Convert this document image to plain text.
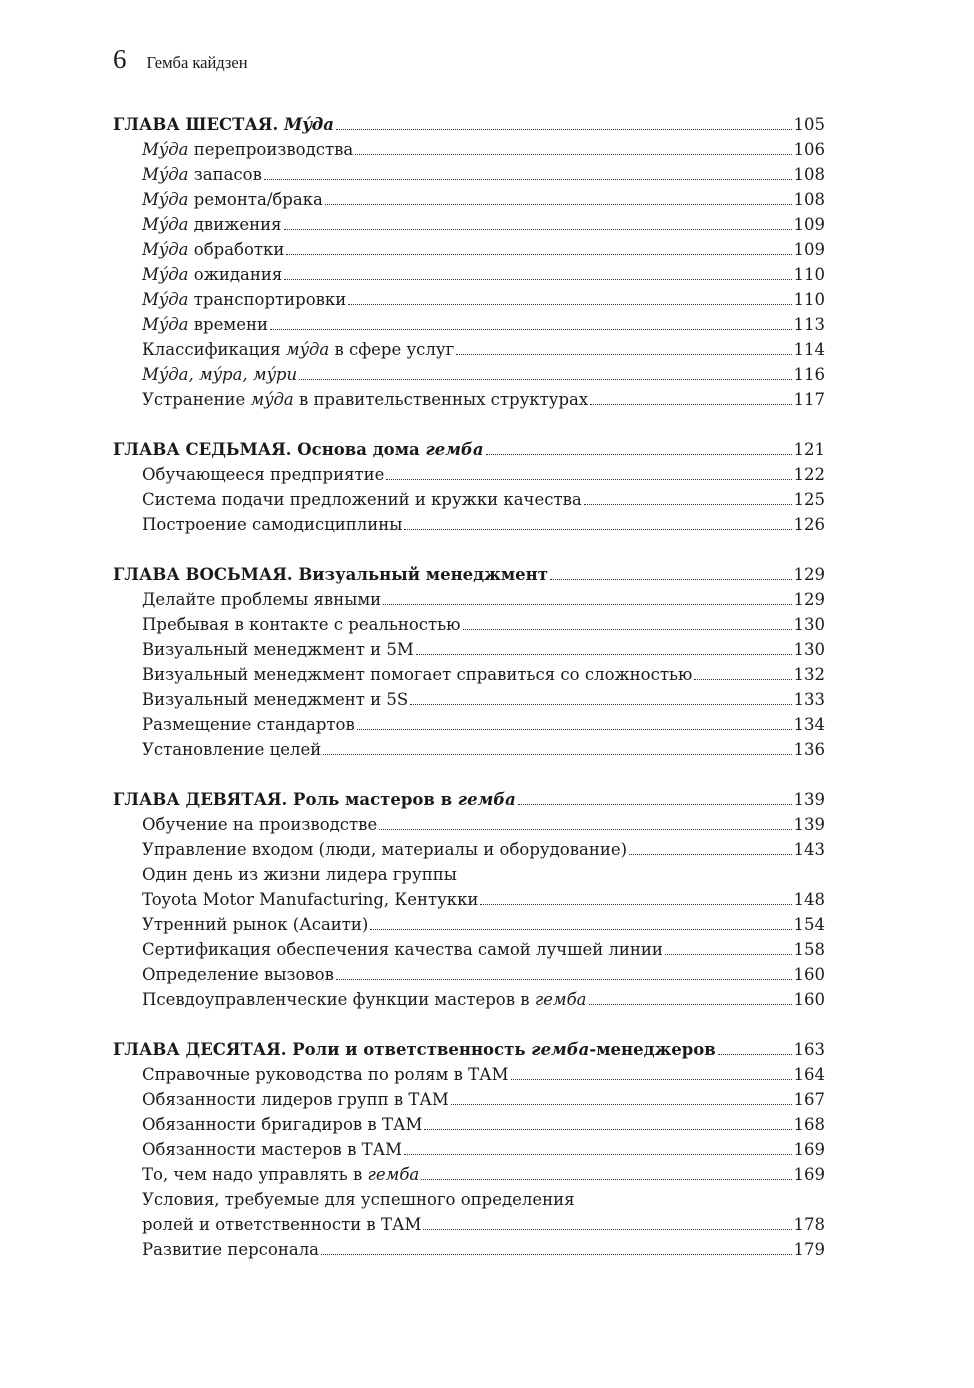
6 Гемба кайдзен
ГЛАВА ШЕСТАЯ. Мýда	105
Мýда перепроизводства	106
Мýда запасов	108
Мýда ремонта/брака	108
Мýда движения	109
Мýда обработки	109
Мýда ожидания	110
Мýда транспортировки	110
Мýда времени	113
Классификация мýда в сфере услуг	114
Мýда, мýра, мýри	116
Устранение мýда в правительственных структурах	117
ГЛАВА СЕДЬМАЯ. Основа дома гемба	121
Обучающееся предприятие	122
Система подачи предложений и кружки качества	125
Построение самодисциплины	126
ГЛАВА ВОСЬМАЯ. Визуальный менеджмент	129
Делайте проблемы явными	129
Пребывая в контакте с реальностью	130
Визуальный менеджмент и 5М	130
Визуальный менеджмент помогает справиться со сложностью	132
Визуальный менеджмент и 5S	133
Размещение стандартов	134
Установление целей	136
ГЛАВА ДЕВЯТАЯ. Роль мастеров в гемба	139
Обучение на производстве	139
Управление входом (люди, материалы и оборудование)	143
Один день из жизни лидера группы
Toyota Motor Manufacturing, Кентукки	148
Утренний рынок (Асаити)	154
Сертификация обеспечения качества самой лучшей линии	158
Определение вызовов	160
Псевдоуправленческие функции мастеров в гемба	160
ГЛАВА ДЕСЯТАЯ. Роли и ответственность гемба-менеджеров	163
Справочные руководства по ролям в ТАМ	164
Обязанности лидеров групп в ТАМ	167
Обязанности бригадиров в ТАМ	168
Обязанности мастеров в ТАМ	169
То, чем надо управлять в гемба	169
Условия, требуемые для успешного определения
ролей и ответственности в ТАМ	178
Развитие персонала	179
